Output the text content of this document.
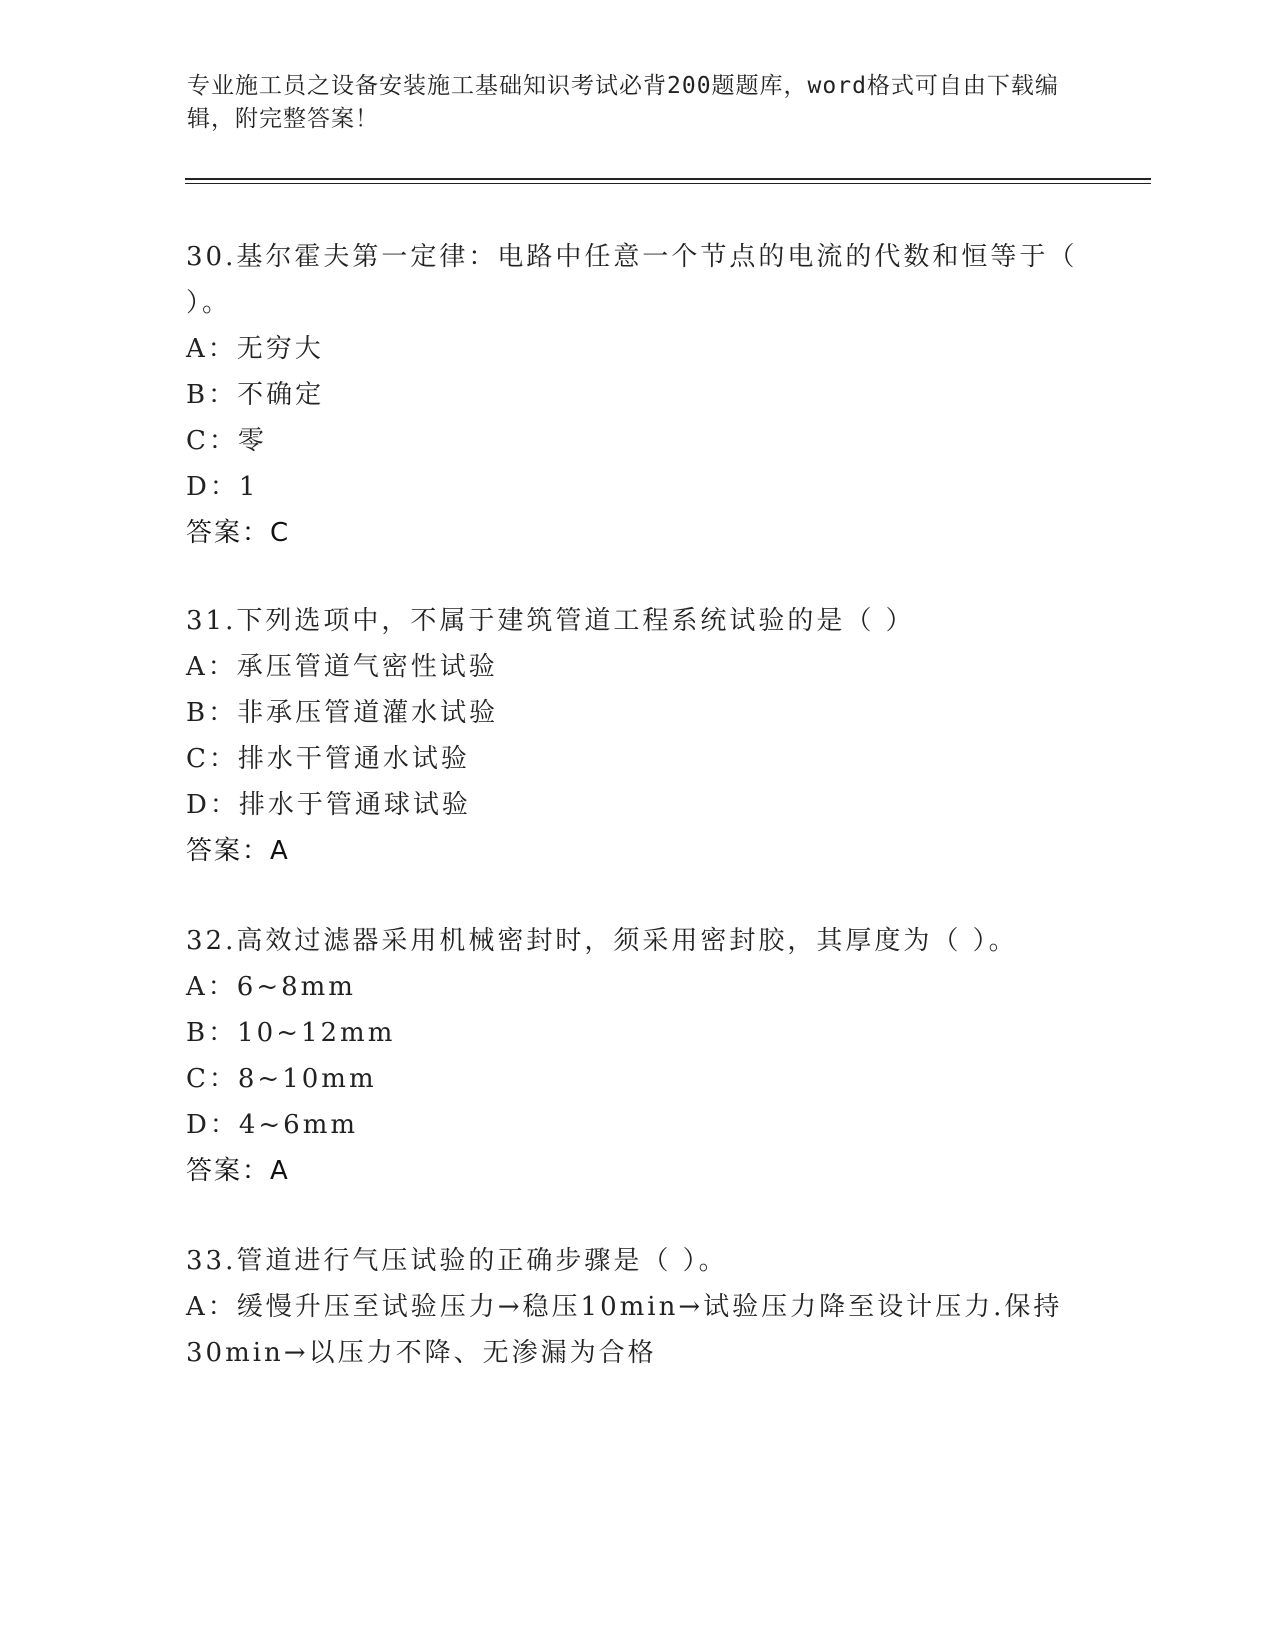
专业施工员之设备安装施工基础知识考试必背200题题库，word格式可自由下载编辑，附完整答案！

30.基尔霍夫第一定律：电路中任意一个节点的电流的代数和恒等于（ ）。

A：无穷大

B：不确定

C：零

D：1

答案：C

31.下列选项中，不属于建筑管道工程系统试验的是（ ）

A：承压管道气密性试验

B：非承压管道灌水试验

C：排水干管通水试验

D：排水于管通球试验

答案：A

32.高效过滤器采用机械密封时，须采用密封胶，其厚度为（ ）。

A：6~8mm

B：10~12mm

C：8~10mm

D：4~6mm

答案：A

33.管道进行气压试验的正确步骤是（ ）。

A：缓慢升压至试验压力→稳压10min→试验压力降至设计压力.保持30min→以压力不降、无渗漏为合格
